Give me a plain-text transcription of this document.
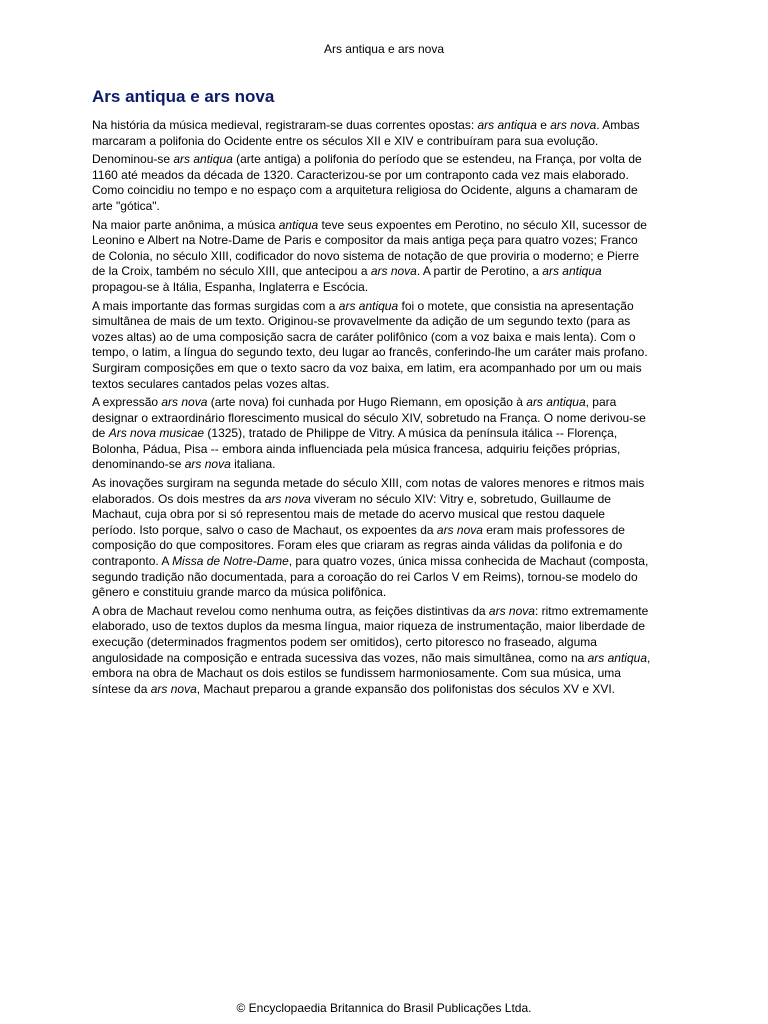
Ars antiqua e ars nova
Ars antiqua e ars nova

Na história da música medieval, registraram-se duas correntes opostas: ars antiqua e ars nova. Ambas marcaram a polifonia do Ocidente entre os séculos XII e XIV e contribuíram para sua evolução.

Denominou-se ars antiqua (arte antiga) a polifonia do período que se estendeu, na França, por volta de 1160 até meados da década de 1320. Caracterizou-se por um contraponto cada vez mais elaborado. Como coincidiu no tempo e no espaço com a arquitetura religiosa do Ocidente, alguns a chamaram de arte "gótica".

Na maior parte anônima, a música antiqua teve seus expoentes em Perotino, no século XII, sucessor de Leonino e Albert na Notre-Dame de Paris e compositor da mais antiga peça para quatro vozes; Franco de Colonia, no século XIII, codificador do novo sistema de notação de que proviria o moderno; e Pierre de la Croix, também no século XIII, que antecipou a ars nova. A partir de Perotino, a ars antiqua propagou-se à Itália, Espanha, Inglaterra e Escócia.

A mais importante das formas surgidas com a ars antiqua foi o motete, que consistia na apresentação simultânea de mais de um texto. Originou-se provavelmente da adição de um segundo texto (para as vozes altas) ao de uma composição sacra de caráter polifônico (com a voz baixa e mais lenta). Com o tempo, o latim, a língua do segundo texto, deu lugar ao francês, conferindo-lhe um caráter mais profano. Surgiram composições em que o texto sacro da voz baixa, em latim, era acompanhado por um ou mais textos seculares cantados pelas vozes altas.

A expressão ars nova (arte nova) foi cunhada por Hugo Riemann, em oposição à ars antiqua, para designar o extraordinário florescimento musical do século XIV, sobretudo na França. O nome derivou-se de Ars nova musicae (1325), tratado de Philippe de Vitry. A música da península itálica -- Florença, Bolonha, Pádua, Pisa -- embora ainda influenciada pela música francesa, adquiriu feições próprias, denominando-se ars nova italiana.

As inovações surgiram na segunda metade do século XIII, com notas de valores menores e ritmos mais elaborados. Os dois mestres da ars nova viveram no século XIV: Vitry e, sobretudo, Guillaume de Machaut, cuja obra por si só representou mais de metade do acervo musical que restou daquele período. Isto porque, salvo o caso de Machaut, os expoentes da ars nova eram mais professores de composição do que compositores. Foram eles que criaram as regras ainda válidas da polifonia e do contraponto. A Missa de Notre-Dame, para quatro vozes, única missa conhecida de Machaut (composta, segundo tradição não documentada, para a coroação do rei Carlos V em Reims), tornou-se modelo do gênero e constituiu grande marco da música polifônica.

A obra de Machaut revelou como nenhuma outra, as feições distintivas da ars nova: ritmo extremamente elaborado, uso de textos duplos da mesma língua, maior riqueza de instrumentação, maior liberdade de execução (determinados fragmentos podem ser omitidos), certo pitoresco no fraseado, alguma angulosidade na composição e entrada sucessiva das vozes, não mais simultânea, como na ars antiqua, embora na obra de Machaut os dois estilos se fundissem harmoniosamente. Com sua música, uma síntese da ars nova, Machaut preparou a grande expansão dos polifonistas dos séculos XV e XVI.

© Encyclopaedia Britannica do Brasil Publicações Ltda.
